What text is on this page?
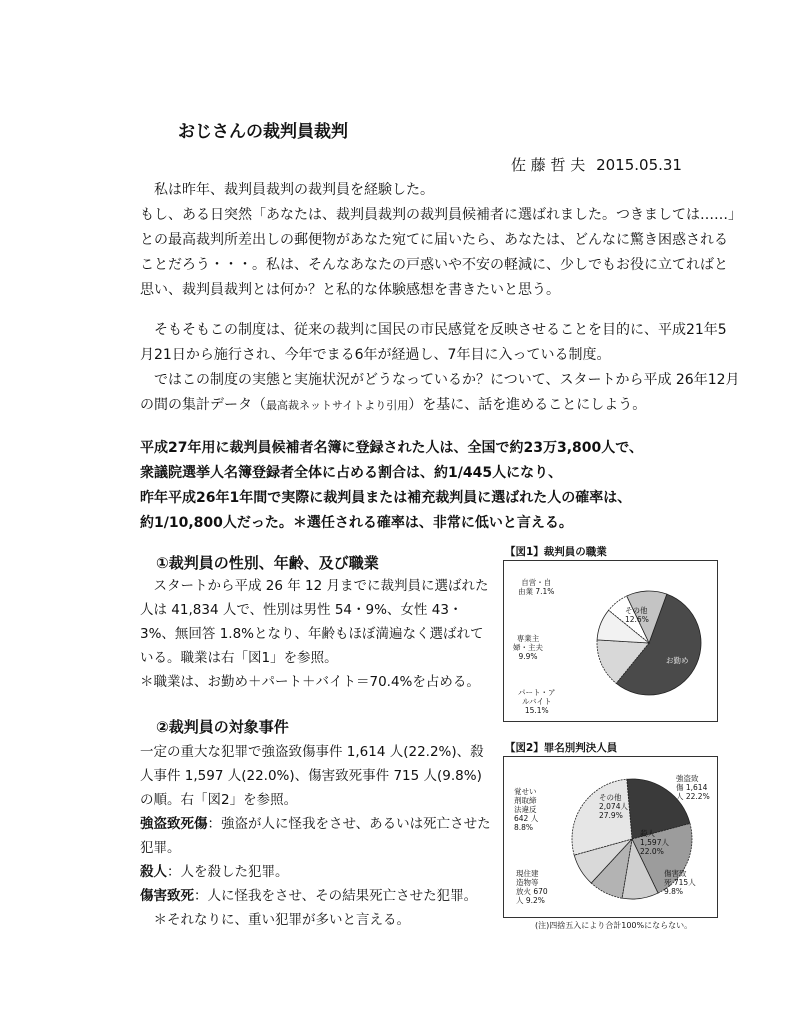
おじさんの裁判員裁判
佐 藤 哲 夫 2015.05.31

私は昨年、裁判員裁判の裁判員を経験した。

もし、ある日突然「あなたは、裁判員裁判の裁判員候補者に選ばれました。つきましては……」との最高裁判所差出しの郵便物があなた宛てに届いたら、あなたは、どんなに驚き困惑されることだろう・・・。私は、そんなあなたの戸惑いや不安の軽減に、少しでもお役に立てればと思い、裁判員裁判とは何か？と私的な体験感想を書きたいと思う。

そもそもこの制度は、従来の裁判に国民の市民感覚を反映させることを目的に、平成21年5月21日から施行され、今年でまる6年が経過し、7年目に入っている制度。

ではこの制度の実態と実施状況がどうなっているか？について、スタートから平成 26年12月の間の集計データ（最高裁ネットサイトより引用）を基に、話を進めることにしよう。

平成27年用に裁判員候補者名簿に登録された人は、全国で約23万3,800人で、

衆議院選挙人名簿登録者全体に占める割合は、約1/445人になり、

昨年平成26年1年間で実際に裁判員または補充裁判員に選ばれた人の確率は、

約1/10,800人だった。＊選任される確率は、非常に低いと言える。

①裁判員の性別、年齢、及び職業

スタートから平成 26 年 12 月までに裁判員に選ばれた人は 41,834 人で、性別は男性 54・9%、女性 43・3%、無回答 1.8%となり、年齢もほぼ満遍なく選ばれている。職業は右「図1」を参照。

＊職業は、お勤め＋パート＋バイト＝70.4%を占める。

②裁判員の対象事件

一定の重大な犯罪で強盗致傷事件 1,614 人(22.2%)、殺人事件 1,597 人(22.0%)、傷害致死事件 715 人(9.8%)の順。右「図2」を参照。

強盗致死傷：強盗が人に怪我をさせ、あるいは死亡させた犯罪。

殺人：人を殺した犯罪。

傷害致死：人に怪我をさせ、その結果死亡させた犯罪。

＊それなりに、重い犯罪が多いと言える。

【図1】裁判員の職業
自営・自
由業 7.1%
その他
12.6%
専業主
婦・主夫
9.9%
パート・ア
ルバイト
15.1%
お勤め
【図2】罪名別判決人員
強盗致
傷 1,614
人 22.2%
その他
2,074人
27.9%
殺人
1,597人
22.0%
覚せい
剤取締
法違反
642 人
8.8%
現住建
造物等
放火 670
人 9.2%
傷害致
死 715人
9.8%
(注)四捨五入により合計100%にならない。
